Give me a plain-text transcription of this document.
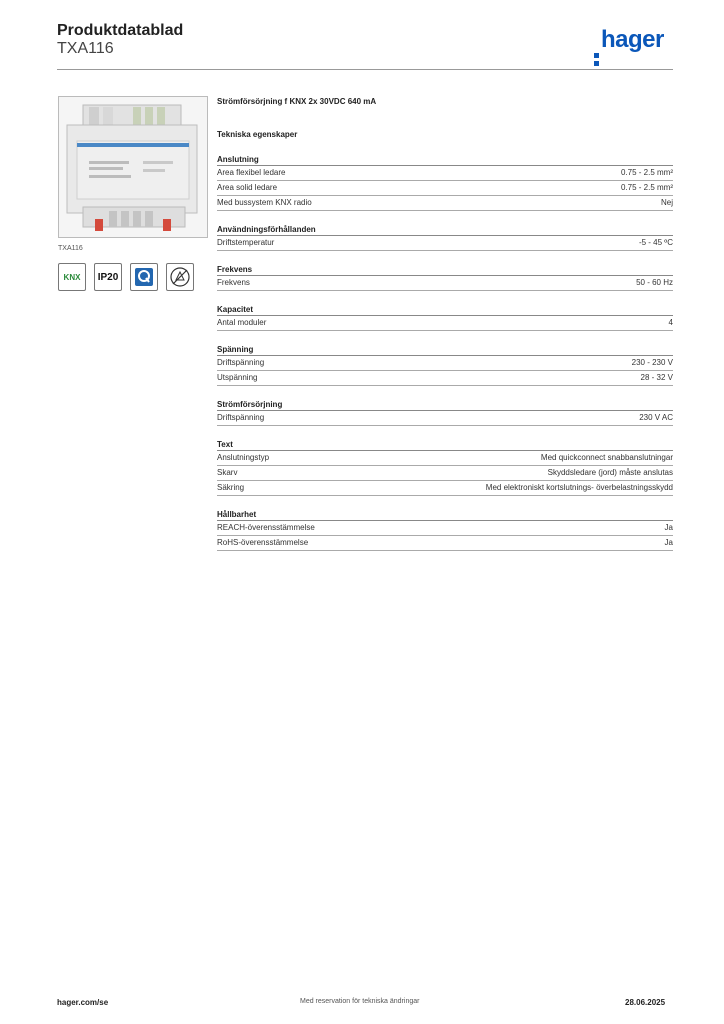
Produktdatablad
TXA116	hager
TXA116
KNX IP20
Strömförsörjning f KNX 2x 30VDC 640 mA
Tekniska egenskaper
Anslutning
Area flexibel ledare	0.75 - 2.5 mm²
Area solid ledare	0.75 - 2.5 mm²
Med bussystem KNX radio	Nej
Användningsförhållanden
Driftstemperatur	-5 - 45 ºC
Frekvens
Frekvens	50 - 60 Hz
Kapacitet
Antal moduler	4
Spänning
Driftspänning	230 - 230 V
Utspänning	28 - 32 V
Strömförsörjning
Driftspänning	230 V AC
Text
Anslutningstyp	Med quickconnect snabbanslutningar
Skarv	Skyddsledare (jord) måste anslutas
Säkring	Med elektroniskt kortslutnings- överbelastningsskydd
Hållbarhet
REACH-överensstämmelse	Ja
RoHS-överensstämmelse	Ja
hager.com/se	Med reservation för tekniska ändringar	28.06.2025
